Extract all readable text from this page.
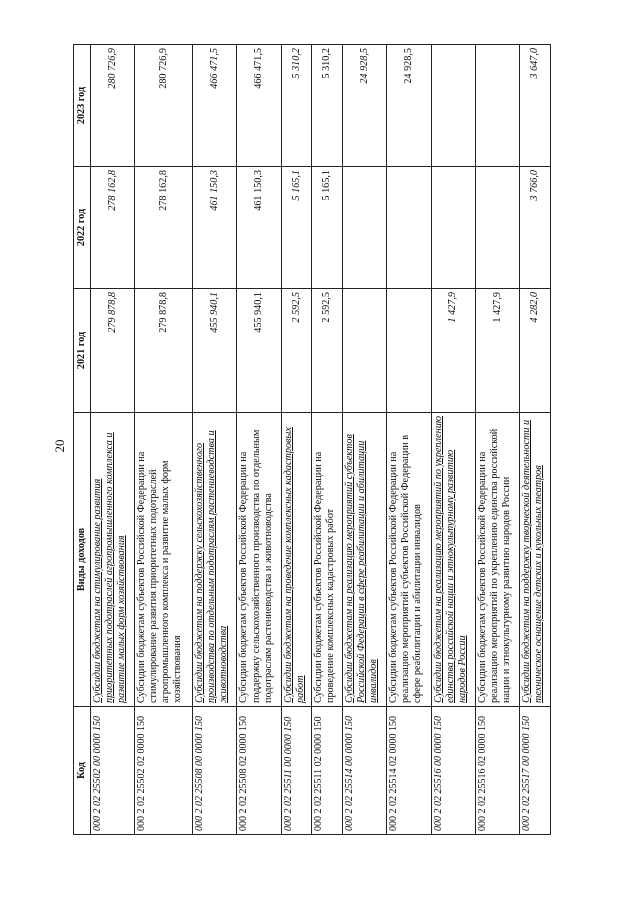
20
Код	Виды доходов	2021 год	2022 год	2023 год
000 2 02 25502 00 0000 150	Субсидии бюджетам на стимулирование развития приоритетных подотраслей агропромышленного комплекса и развитие малых форм хозяйствования	279 878,8	278 162,8	280 726,9
000 2 02 25502 02 0000 150	Субсидии бюджетам субъектов Российской Федерации на стимулирование развития приоритетных подотраслей агропромышленного комплекса и развитие малых форм хозяйствования	279 878,8	278 162,8	280 726,9
000 2 02 25508 00 0000 150	Субсидии бюджетам на поддержку сельскохозяйственного производства по отдельным подотраслям растениеводства и животноводства	455 940,1	461 150,3	466 471,5
000 2 02 25508 02 0000 150	Субсидии бюджетам субъектов Российской Федерации на поддержку сельскохозяйственного производства по отдельным подотраслям растениеводства и животноводства	455 940,1	461 150,3	466 471,5
000 2 02 25511 00 0000 150	Субсидии бюджетам на проведение комплексных кадастровых работ	2 592,5	5 165,1	5 310,2
000 2 02 25511 02 0000 150	Субсидии бюджетам субъектов Российской Федерации на проведение комплексных кадастровых работ	2 592,5	5 165,1	5 310,2
000 2 02 25514 00 0000 150	Субсидии бюджетам на реализацию мероприятий субъектов Российской Федерации в сфере реабилитации и абилитации инвалидов			24 928,5
000 2 02 25514 02 0000 150	Субсидии бюджетам субъектов Российской Федерации на реализацию мероприятий субъектов Российской Федерации в сфере реабилитации и абилитации инвалидов			24 928,5
000 2 02 25516 00 0000 150	Субсидии бюджетам на реализацию мероприятий по укреплению единства российской нации и этнокультурному развитию народов России	1 427,9		
000 2 02 25516 02 0000 150	Субсидии бюджетам субъектов Российской Федерации на реализацию мероприятий по укреплению единства российской нации и этнокультурному развитию народов России	1 427,9		
000 2 02 25517 00 0000 150	Субсидии бюджетам на поддержку творческой деятельности и техническое оснащение детских и кукольных театров	4 282,0	3 766,0	3 647,0
